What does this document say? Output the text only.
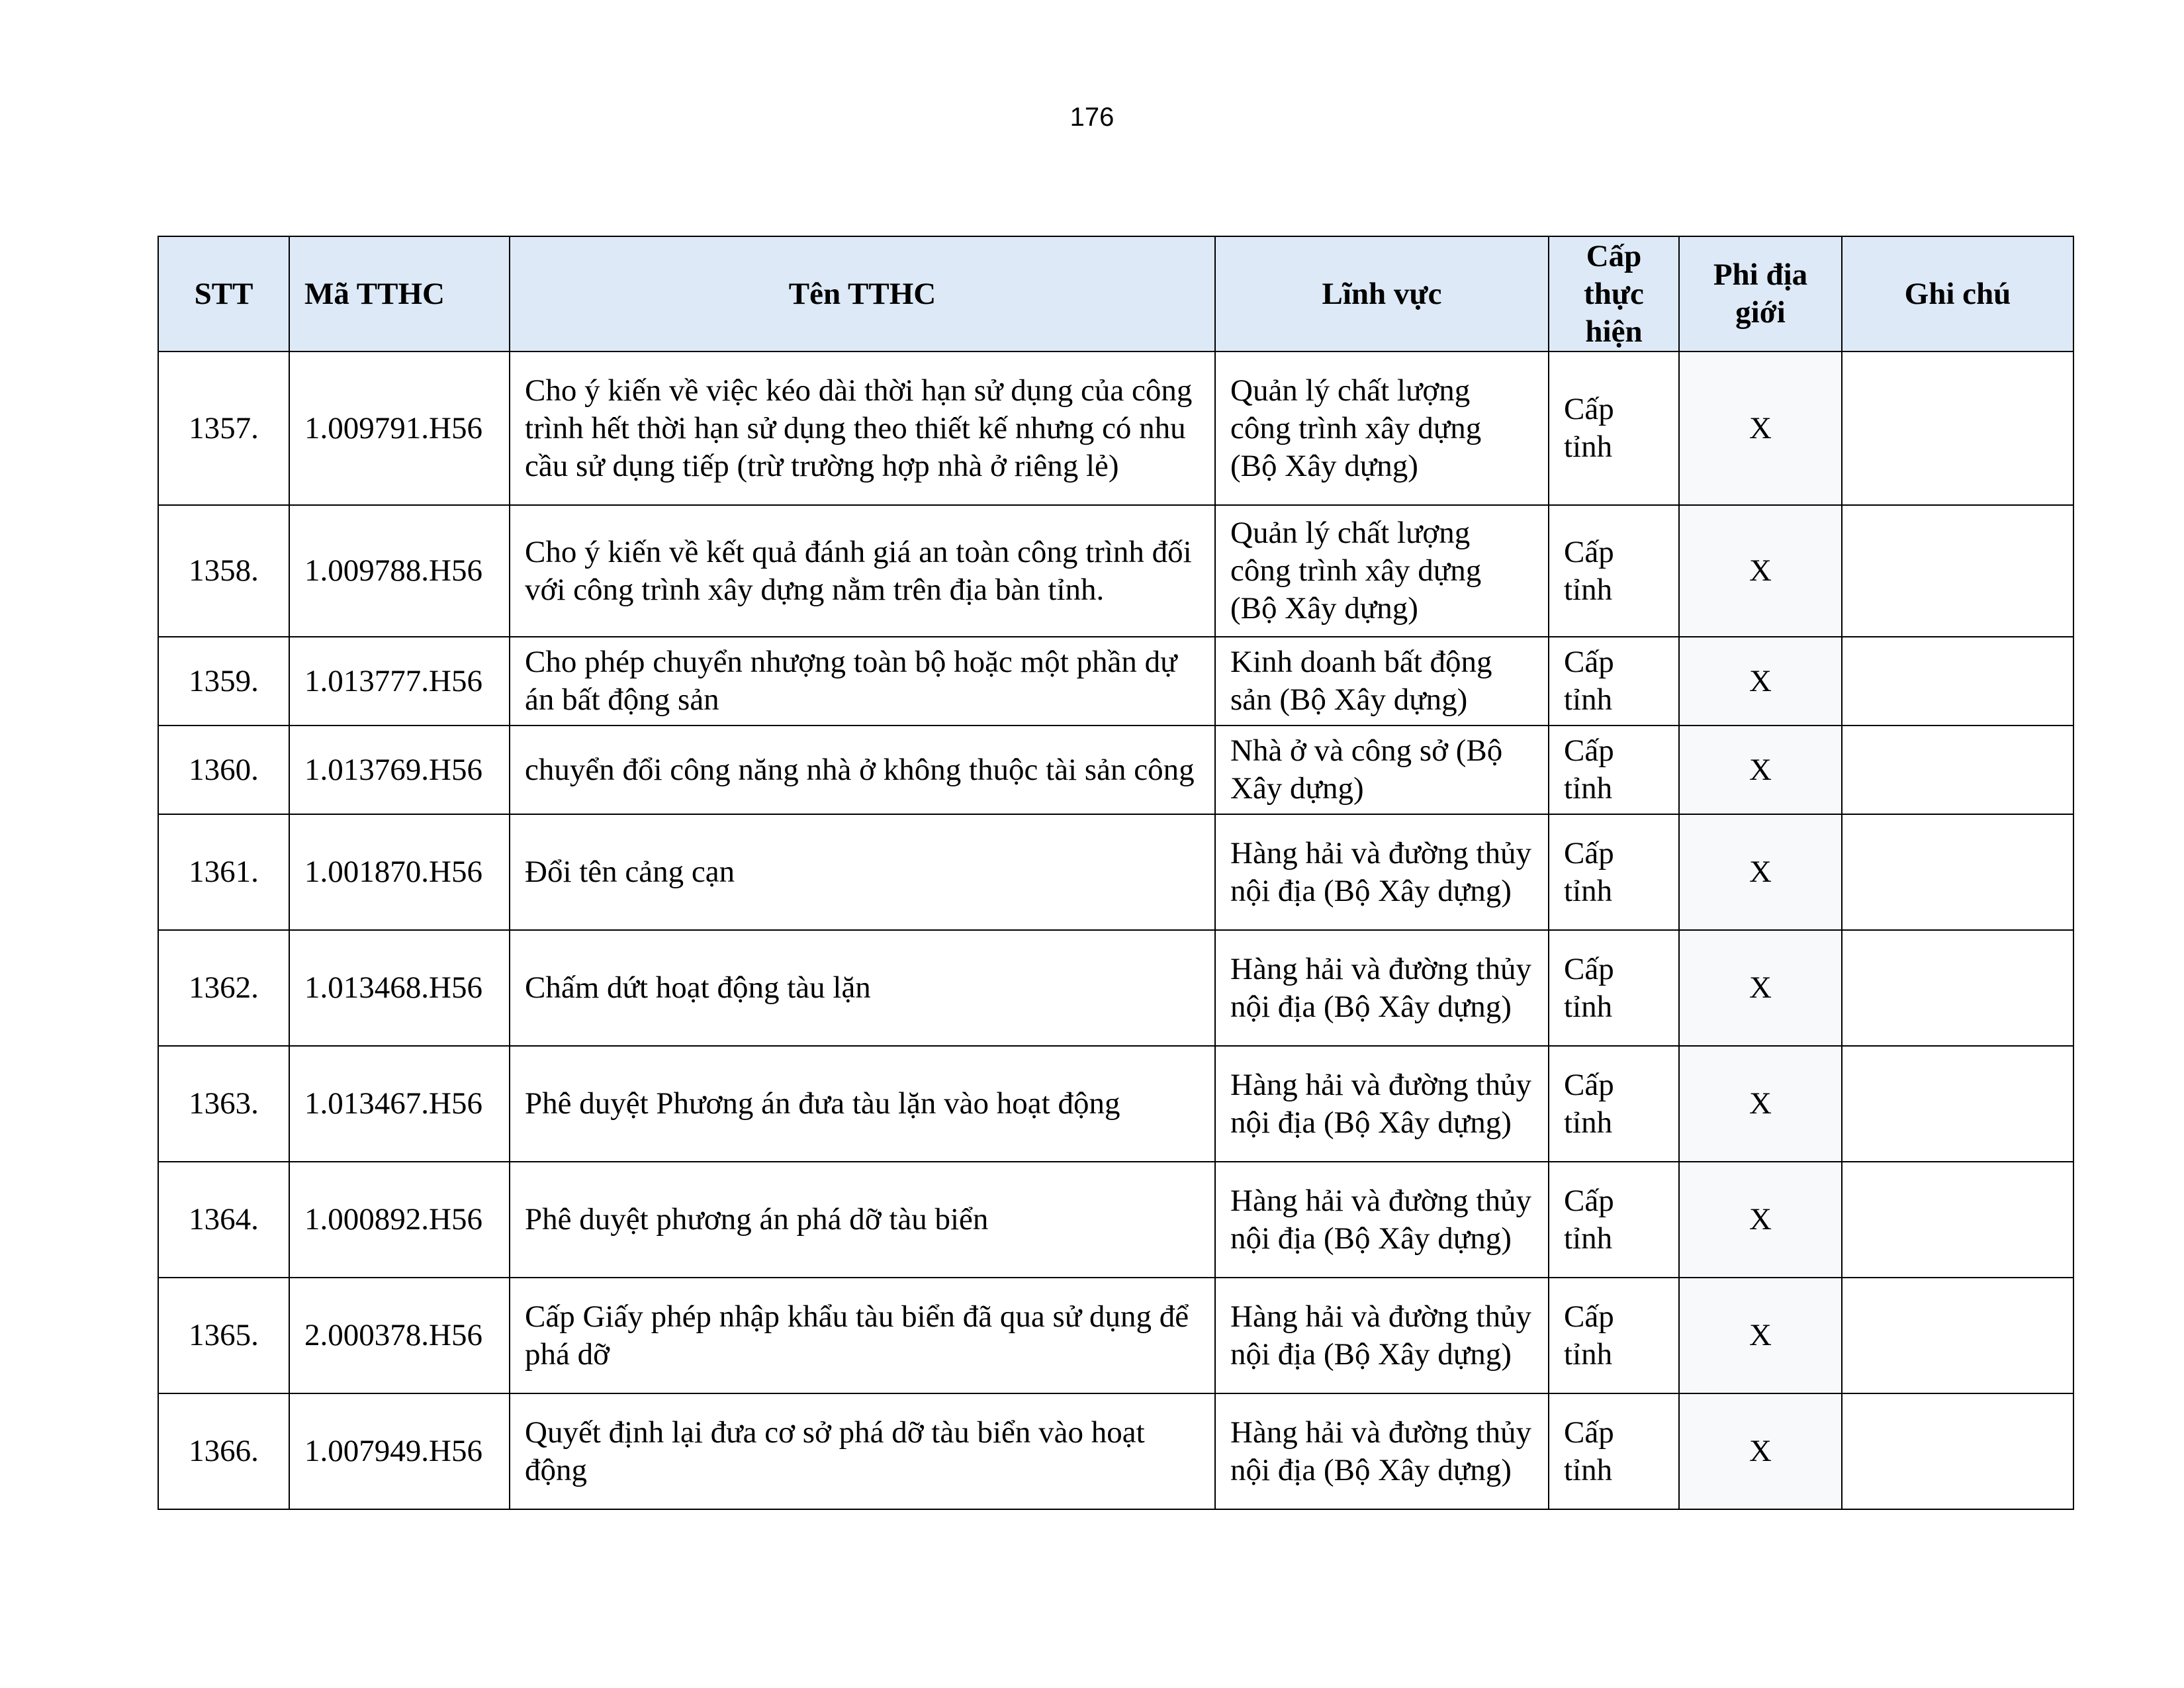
176
STT	Mã TTHC	Tên TTHC	Lĩnh vực	Cấp thực hiện	Phi địa giới	Ghi chú
1357.	1.009791.H56	Cho ý kiến về việc kéo dài thời hạn sử dụng của công trình hết thời hạn sử dụng theo thiết kế nhưng có nhu cầu sử dụng tiếp (trừ trường hợp nhà ở riêng lẻ)	Quản lý chất lượng công trình xây dựng (Bộ Xây dựng)	Cấp tỉnh	X	
1358.	1.009788.H56	Cho ý kiến về kết quả đánh giá an toàn công trình đối với công trình xây dựng nằm trên địa bàn tỉnh.	Quản lý chất lượng công trình xây dựng (Bộ Xây dựng)	Cấp tỉnh	X	
1359.	1.013777.H56	Cho phép chuyển nhượng toàn bộ hoặc một phần dự án bất động sản	Kinh doanh bất động sản (Bộ Xây dựng)	Cấp tỉnh	X	
1360.	1.013769.H56	chuyển đổi công năng nhà ở không thuộc tài sản công	Nhà ở và công sở (Bộ Xây dựng)	Cấp tỉnh	X	
1361.	1.001870.H56	Đổi tên cảng cạn	Hàng hải và đường thủy nội địa (Bộ Xây dựng)	Cấp tỉnh	X	
1362.	1.013468.H56	Chấm dứt hoạt động tàu lặn	Hàng hải và đường thủy nội địa (Bộ Xây dựng)	Cấp tỉnh	X	
1363.	1.013467.H56	Phê duyệt Phương án đưa tàu lặn vào hoạt động	Hàng hải và đường thủy nội địa (Bộ Xây dựng)	Cấp tỉnh	X	
1364.	1.000892.H56	Phê duyệt phương án phá dỡ tàu biển	Hàng hải và đường thủy nội địa (Bộ Xây dựng)	Cấp tỉnh	X	
1365.	2.000378.H56	Cấp Giấy phép nhập khẩu tàu biển đã qua sử dụng để phá dỡ	Hàng hải và đường thủy nội địa (Bộ Xây dựng)	Cấp tỉnh	X	
1366.	1.007949.H56	Quyết định lại đưa cơ sở phá dỡ tàu biển vào hoạt động	Hàng hải và đường thủy nội địa (Bộ Xây dựng)	Cấp tỉnh	X	
